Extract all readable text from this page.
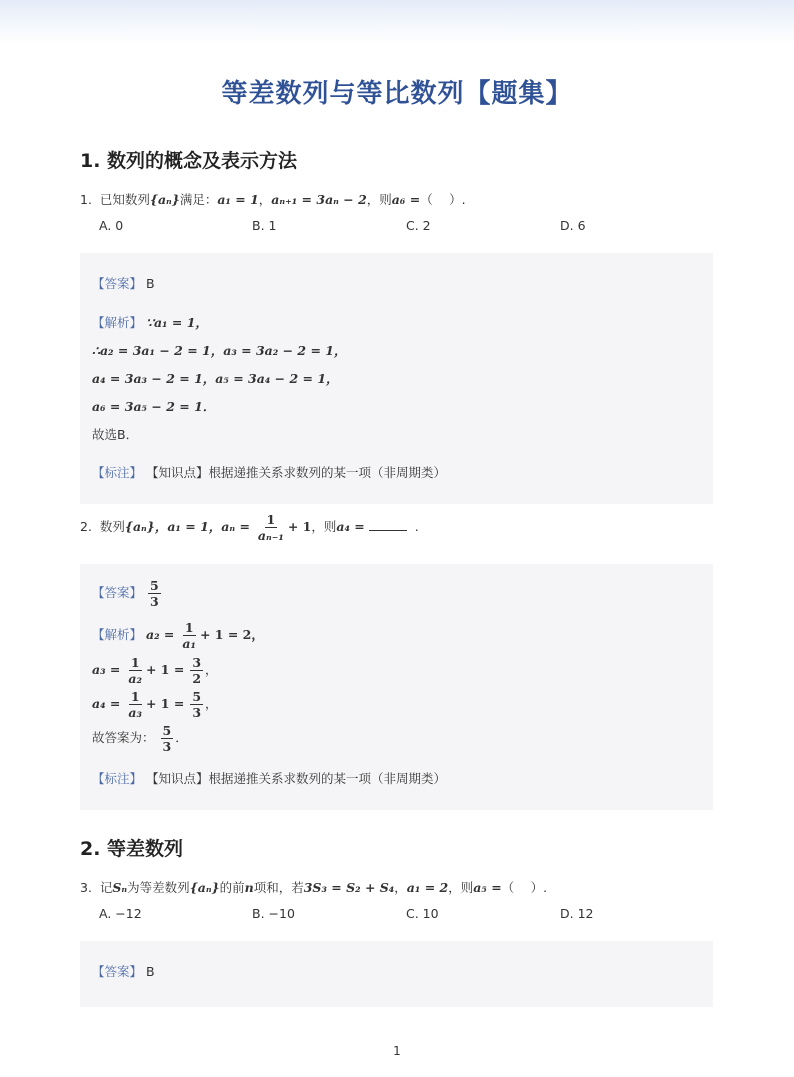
等差数列与等比数列【题集】
1. 数列的概念及表示方法
1. 已知数列{aₙ}满足：a₁ = 1，aₙ₊₁ = 3aₙ − 2，则a₆ =（　 ）.
A. 0	B. 1	C. 2	D. 6
【答案】 B
【解析】 ∵a₁ = 1，
∴a₂ = 3a₁ − 2 = 1，a₃ = 3a₂ − 2 = 1，
a₄ = 3a₃ − 2 = 1，a₅ = 3a₄ − 2 = 1，
a₆ = 3a₅ − 2 = 1．
故选B．
【标注】 【知识点】根据递推关系求数列的某一项（非周期类）
2. 数列{aₙ}，a₁ = 1，$a_n = \frac{1}{\text{aₙ₋₁}} + 1$，则a₄ =	.
【答案】 $\frac{5}{3}$
【解析】 $a_2 = \frac{1}{\text{a₁}} + 1 = 2$，
$a_3 = \frac{1}{\text{a₂}} + 1 = \frac{3}{2}$ ，
$a_4 = \frac{1}{\text{a₃}} + 1 = \frac{5}{3}$ ，
故答案为： $\frac{5}{3}$ ．
【标注】 【知识点】根据递推关系求数列的某一项（非周期类）
2. 等差数列
3. 记Sₙ为等差数列{aₙ}的前n项和，若3S₃ = S₂ + S₄，a₁ = 2，则a₅ =（　 ）.
A. −12	B. −10	C. 10	D. 12
【答案】 B
1
